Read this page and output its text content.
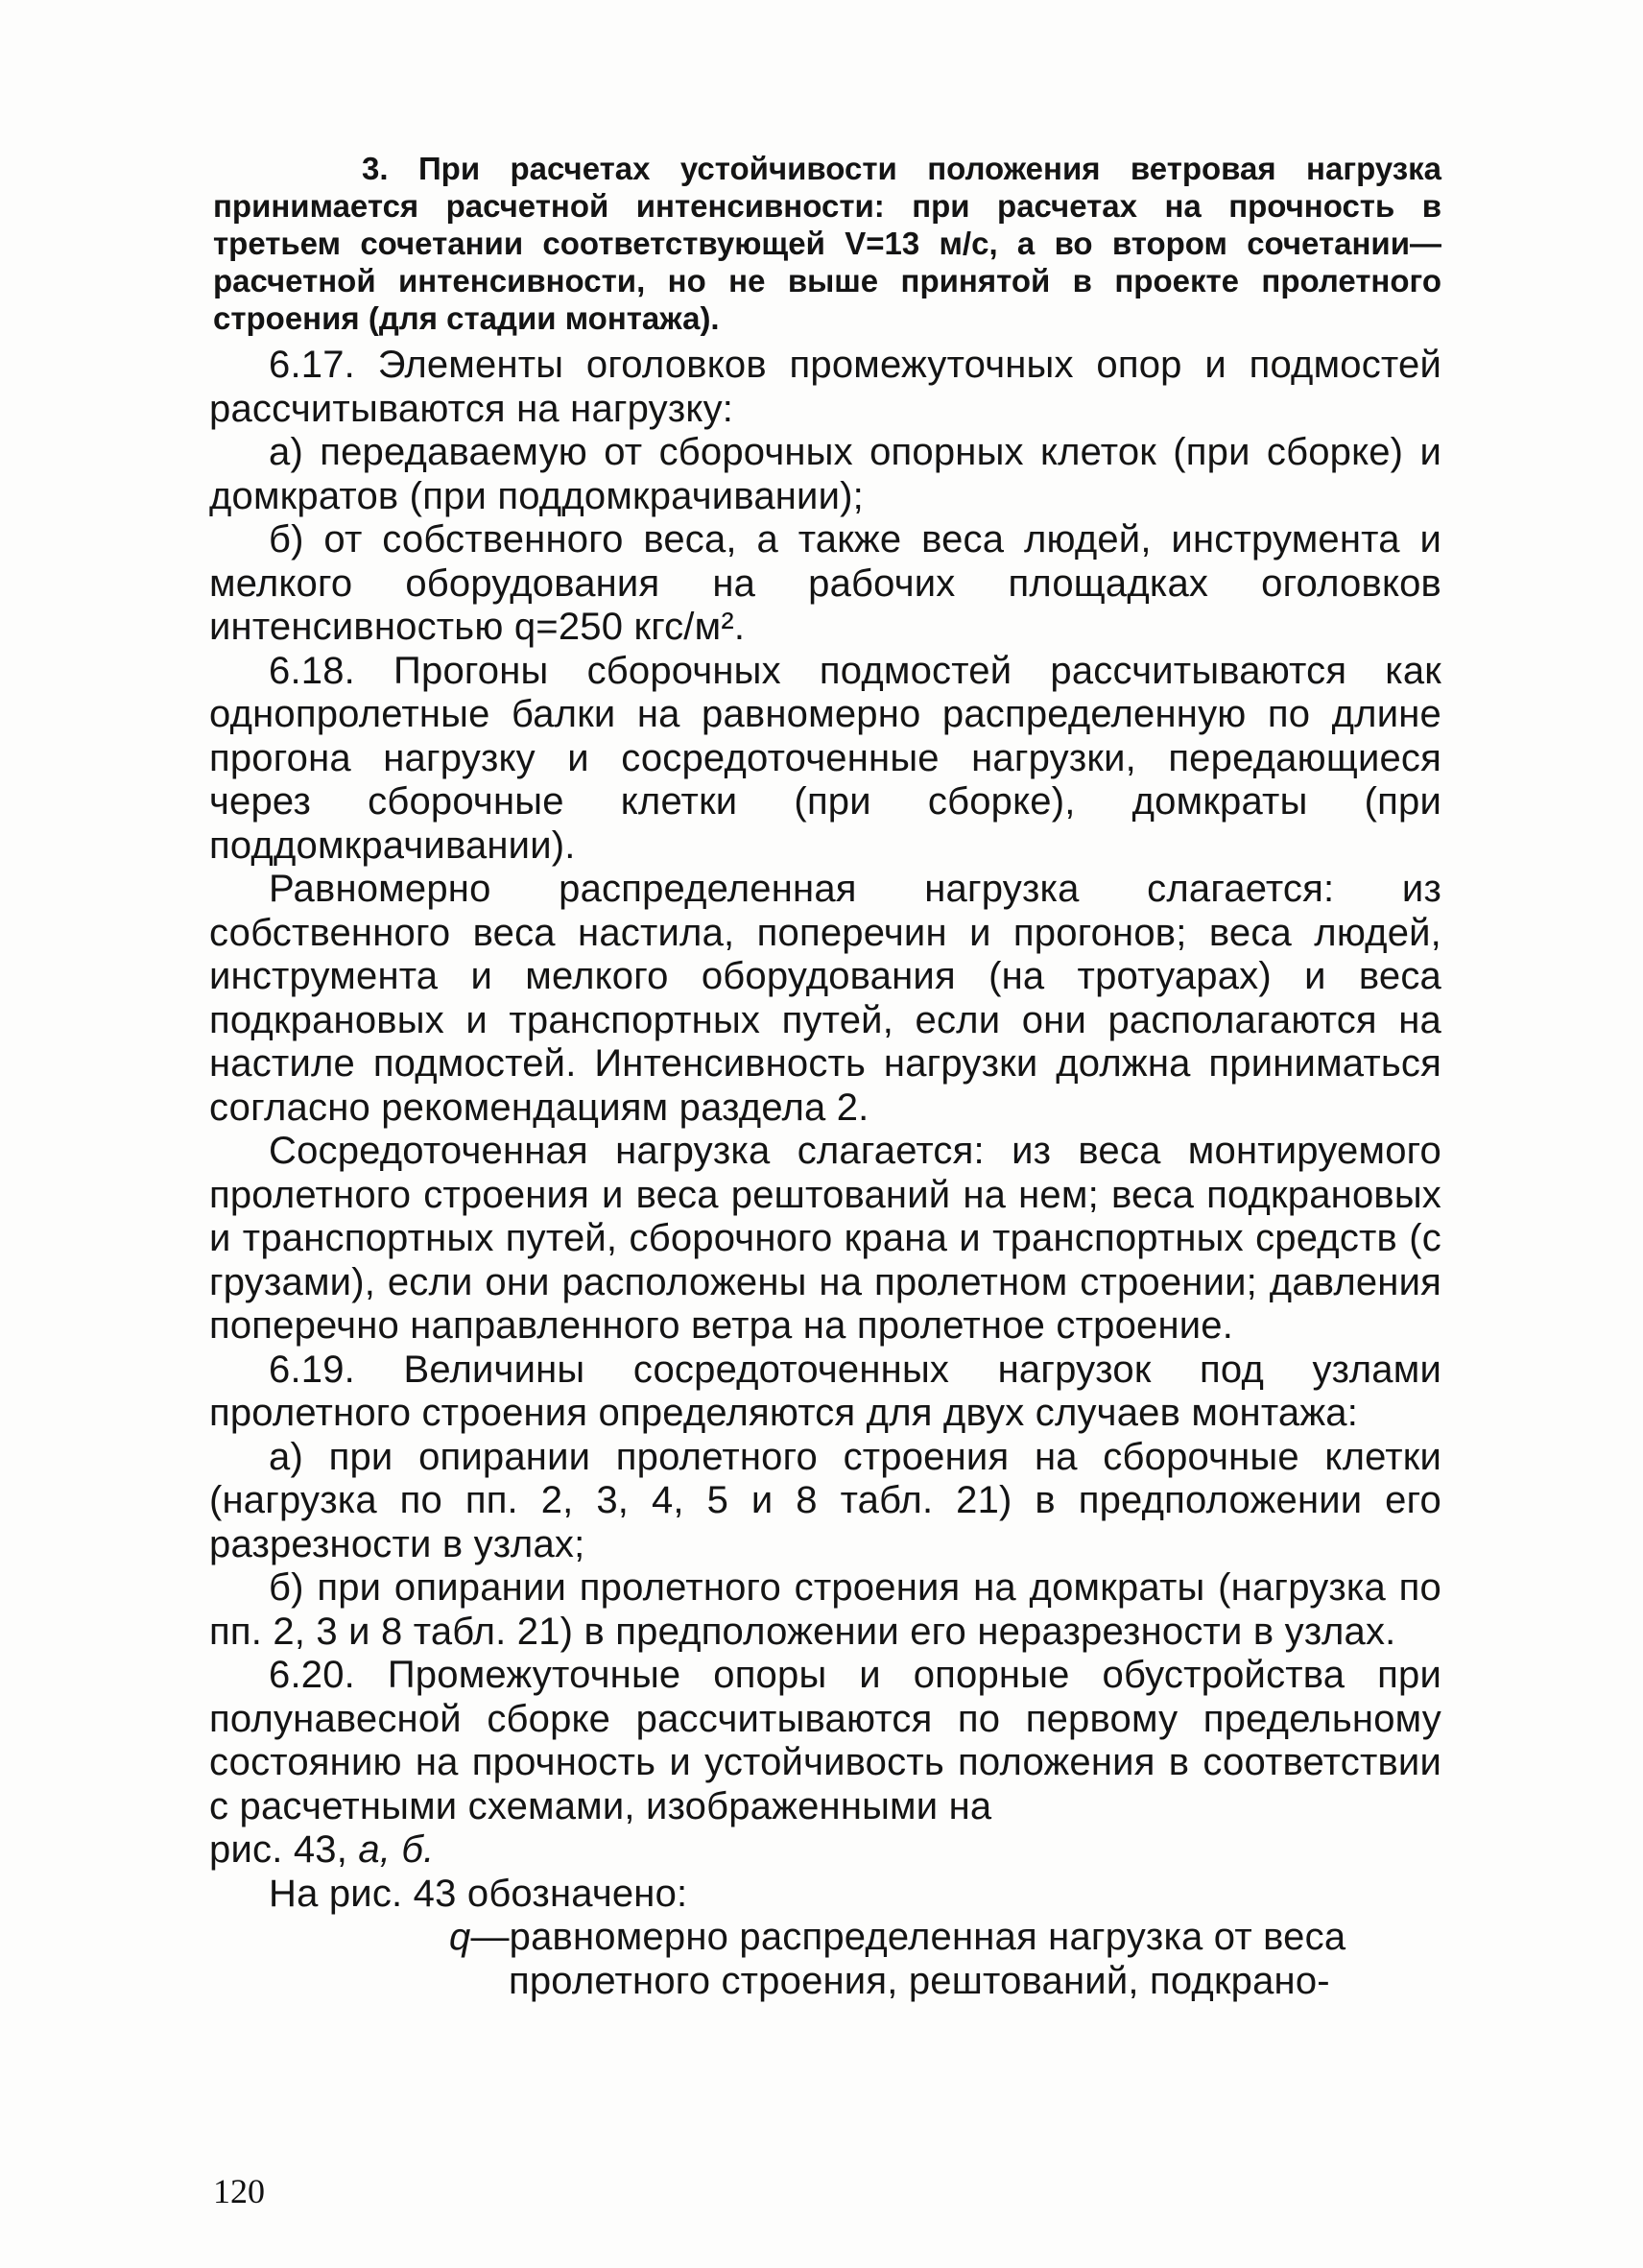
3. При расчетах устойчивости положения ветровая нагрузка принимается расчетной интенсивности: при расчетах на прочность в третьем сочетании соответствующей V=13 м/с, а во втором сочетании—расчетной интенсивности, но не выше принятой в проекте пролетного строения (для стадии монтажа).

6.17. Элементы оголовков промежуточных опор и подмостей рассчитываются на нагрузку:

а) передаваемую от сборочных опорных клеток (при сборке) и домкратов (при поддомкрачивании);

б) от собственного веса, а также веса людей, инструмента и мелкого оборудования на рабочих площадках оголовков интенсивностью q=250 кгс/м².

6.18. Прогоны сборочных подмостей рассчитываются как однопролетные балки на равномерно распределенную по длине прогона нагрузку и сосредоточенные нагрузки, передающиеся через сборочные клетки (при сборке), домкраты (при поддомкрачивании).

Равномерно распределенная нагрузка слагается: из собственного веса настила, поперечин и прогонов; веса людей, инструмента и мелкого оборудования (на тротуарах) и веса подкрановых и транспортных путей, если они располагаются на настиле подмостей. Интенсивность нагрузки должна приниматься согласно рекомендациям раздела 2.

Сосредоточенная нагрузка слагается: из веса монтируемого пролетного строения и веса рештований на нем; веса подкрановых и транспортных путей, сборочного крана и транспортных средств (с грузами), если они расположены на пролетном строении; давления поперечно направленного ветра на пролетное строение.

6.19. Величины сосредоточенных нагрузок под узлами пролетного строения определяются для двух случаев монтажа:

а) при опирании пролетного строения на сборочные клетки (нагрузка по пп. 2, 3, 4, 5 и 8 табл. 21) в предположении его разрезности в узлах;

б) при опирании пролетного строения на домкраты (нагрузка по пп. 2, 3 и 8 табл. 21) в предположении его неразрезности в узлах.

6.20. Промежуточные опоры и опорные обустройства при полунавесной сборке рассчитываются по первому предельному состоянию на прочность и устойчивость положения в соответствии с расчетными схемами, изображенными на

рис. 43, а, б.

На рис. 43 обозначено:

q—равномерно распределенная нагрузка от веса
пролетного строения, рештований, подкрано-
120
